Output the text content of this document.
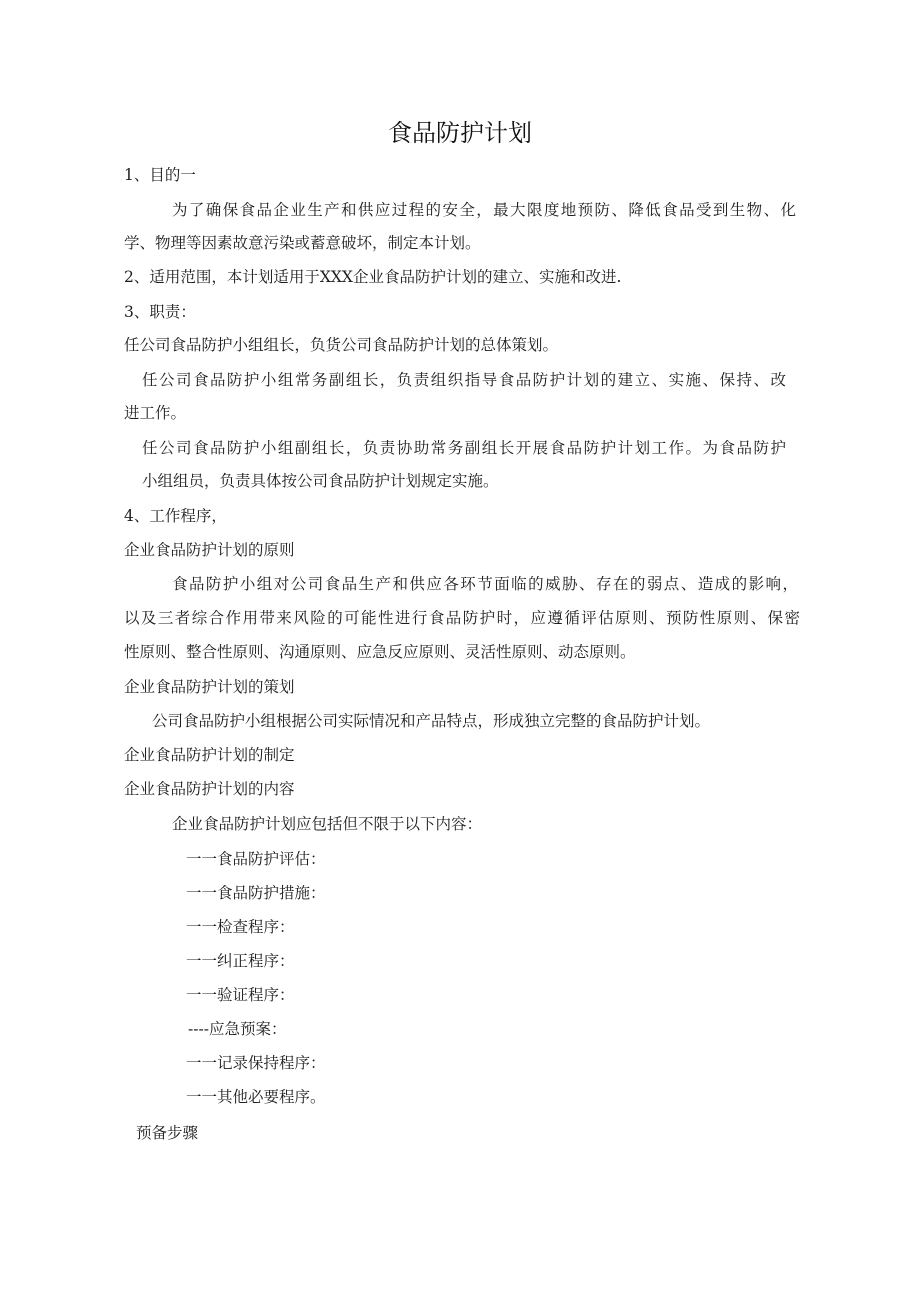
食品防护计划
1、目的一
为了确保食品企业生产和供应过程的安全，最大限度地预防、降低食品受到生物、化
学、物理等因素故意污染或蓄意破坏，制定本计划。
2、适用范围，本计划适用于XXX企业食品防护计划的建立、实施和改进.
3、职责：
任公司食品防护小组组长，负货公司食品防护计划的总体策划。
任公司食品防护小组常务副组长，负责组织指导食品防护计划的建立、实施、保持、改
进工作。
任公司食品防护小组副组长，负责协助常务副组长开展食品防护计划工作。为食品防护
小组组员，负责具体按公司食品防护计划规定实施。
4、工作程序，
企业食品防护计划的原则
食品防护小组对公司食品生产和供应各环节面临的威胁、存在的弱点、造成的影响，
以及三者综合作用带来风险的可能性进行食品防护时，应遵循评估原则、预防性原则、保密
性原则、整合性原则、沟通原则、应急反应原则、灵活性原则、动态原则。
企业食品防护计划的策划
公司食品防护小组根据公司实际情况和产品特点，形成独立完整的食品防护计划。
企业食品防护计划的制定
企业食品防护计划的内容
企业食品防护计划应包括但不限于以下内容：
一一食品防护评估：
一一食品防护措施：
一一检查程序：
一一纠正程序：
一一验证程序：
----应急预案：
一一记录保持程序：
一一其他必要程序。
预备步骤
